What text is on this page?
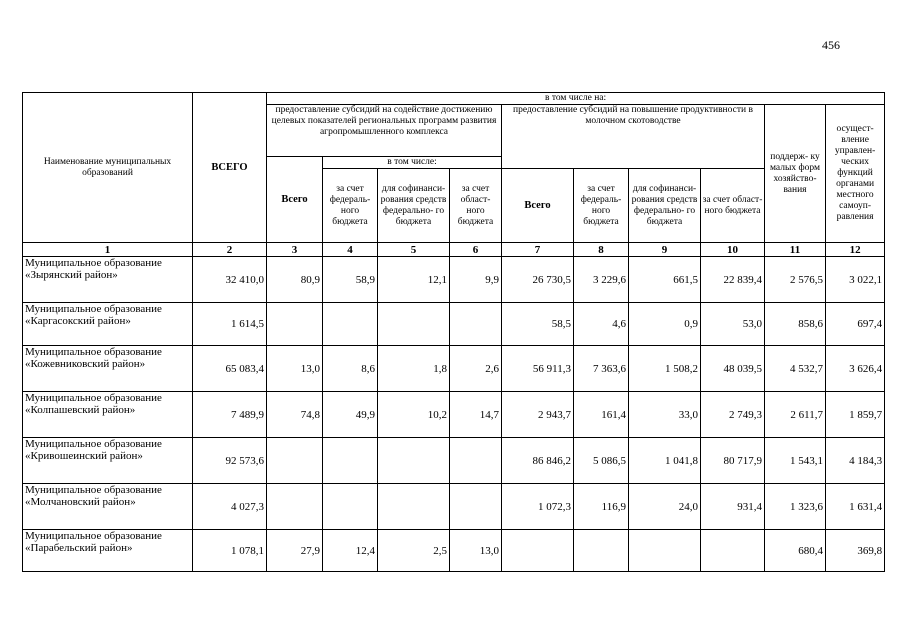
456
Наименование муниципальных образований	ВСЕГО	в том числе на:									
		предоставление субсидий на содействие достижению целевых показателей региональных программ развития агропромышленного комплекса				предоставление субсидий на повышение продуктивности в молочном скотоводстве				поддерж- ку малых форм хозяйство- вания	осущест- вление управлен- ческих функций органами местного самоуп- равления
		Всего	в том числе:								
			за счет федераль- ного бюджета	для софинанси- рования средств федерально- го бюджета	за счет област- ного бюджета	Всего	за счет федераль- ного бюджета	для софинанси- рования средств федерально- го бюджета	за счет област- ного бюджета		
1	2	3	4	5	6	7	8	9	10	11	12
Муниципальное образование «Зырянский район»	32 410,0	80,9	58,9	12,1	9,9	26 730,5	3 229,6	661,5	22 839,4	2 576,5	3 022,1
Муниципальное образование «Каргасокский район»	1 614,5					58,5	4,6	0,9	53,0	858,6	697,4
Муниципальное образование «Кожевниковский район»	65 083,4	13,0	8,6	1,8	2,6	56 911,3	7 363,6	1 508,2	48 039,5	4 532,7	3 626,4
Муниципальное образование «Колпашевский район»	7 489,9	74,8	49,9	10,2	14,7	2 943,7	161,4	33,0	2 749,3	2 611,7	1 859,7
Муниципальное образование «Кривошеинский район»	92 573,6					86 846,2	5 086,5	1 041,8	80 717,9	1 543,1	4 184,3
Муниципальное образование «Молчановский район»	4 027,3					1 072,3	116,9	24,0	931,4	1 323,6	1 631,4
Муниципальное образование «Парабельский район»	1 078,1	27,9	12,4	2,5	13,0					680,4	369,8
